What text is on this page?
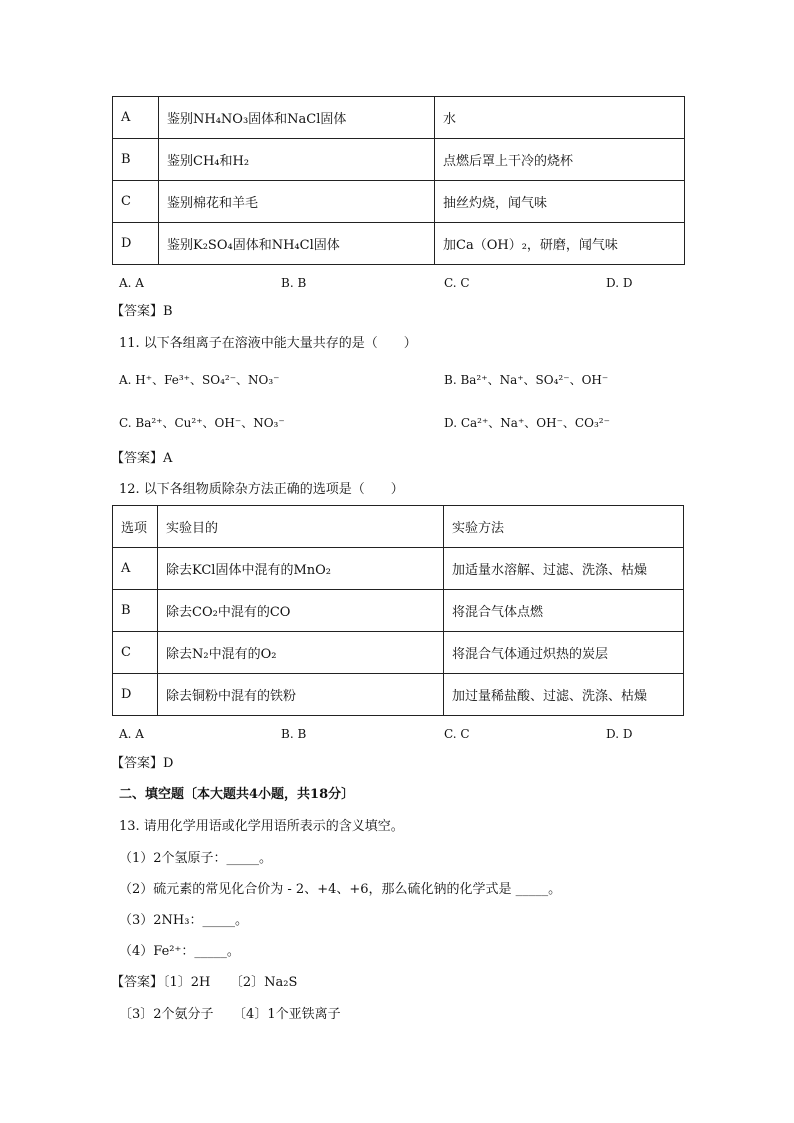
A	鉴别NH₄NO₃固体和NaCl固体	水
B	鉴别CH₄和H₂	点燃后罩上干冷的烧杯
C	鉴别棉花和羊毛	抽丝灼烧，闻气味
D	鉴别K₂SO₄固体和NH₄Cl固体	加Ca（OH）₂，研磨，闻气味
A. A	B. B	C. C	D. D
【答案】B
11. 以下各组离子在溶液中能大量共存的是（　　）
A. H⁺、Fe³⁺、SO₄²⁻、NO₃⁻	B. Ba²⁺、Na⁺、SO₄²⁻、OH⁻
C. Ba²⁺、Cu²⁺、OH⁻、NO₃⁻	D. Ca²⁺、Na⁺、OH⁻、CO₃²⁻
【答案】A
12. 以下各组物质除杂方法正确的选项是（　　）
选项	实验目的	实验方法
A	除去KCl固体中混有的MnO₂	加适量水溶解、过滤、洗涤、枯燥
B	除去CO₂中混有的CO	将混合气体点燃
C	除去N₂中混有的O₂	将混合气体通过炽热的炭层
D	除去铜粉中混有的铁粉	加过量稀盐酸、过滤、洗涤、枯燥
A. A	B. B	C. C	D. D
【答案】D
二、填空题〔本大题共4小题，共18分〕
13. 请用化学用语或化学用语所表示的含义填空。
（1）2个氢原子：_____。
（2）硫元素的常见化合价为 - 2、+4、+6，那么硫化钠的化学式是 _____。
（3）2NH₃：_____。
（4）Fe²⁺：_____。
【答案】〔1〕2H　　〔2〕Na₂S
〔3〕2个氨分子　　〔4〕1个亚铁离子
